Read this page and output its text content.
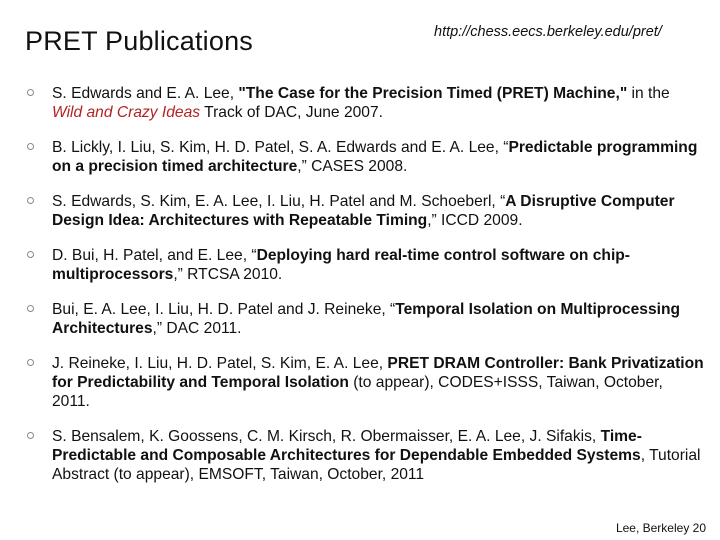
PRET Publications	http://chess.eecs.berkeley.edu/pret/

S. Edwards and E. A. Lee, "The Case for the Precision Timed (PRET) Machine," in the Wild and Crazy Ideas Track of DAC, June 2007.

B. Lickly, I. Liu, S. Kim, H. D. Patel, S. A. Edwards and E. A. Lee, “Predictable programming on a precision timed architecture,” CASES 2008.

S. Edwards, S. Kim, E. A. Lee, I. Liu, H. Patel and M. Schoeberl, “A Disruptive Computer Design Idea: Architectures with Repeatable Timing,” ICCD 2009.

D. Bui, H. Patel, and E. Lee, “Deploying hard real-time control software on chip-multiprocessors,” RTCSA 2010.

Bui, E. A. Lee, I. Liu, H. D. Patel and J. Reineke, “Temporal Isolation on Multiprocessing Architectures,” DAC 2011.

J. Reineke, I. Liu, H. D. Patel, S. Kim, E. A. Lee, PRET DRAM Controller: Bank Privatization for Predictability and Temporal Isolation (to appear), CODES+ISSS, Taiwan, October, 2011.

S. Bensalem, K. Goossens, C. M. Kirsch, R. Obermaisser, E. A. Lee, J. Sifakis, Time-Predictable and Composable Architectures for Dependable Embedded Systems, Tutorial Abstract (to appear), EMSOFT, Taiwan, October, 2011

Lee, Berkeley 20
